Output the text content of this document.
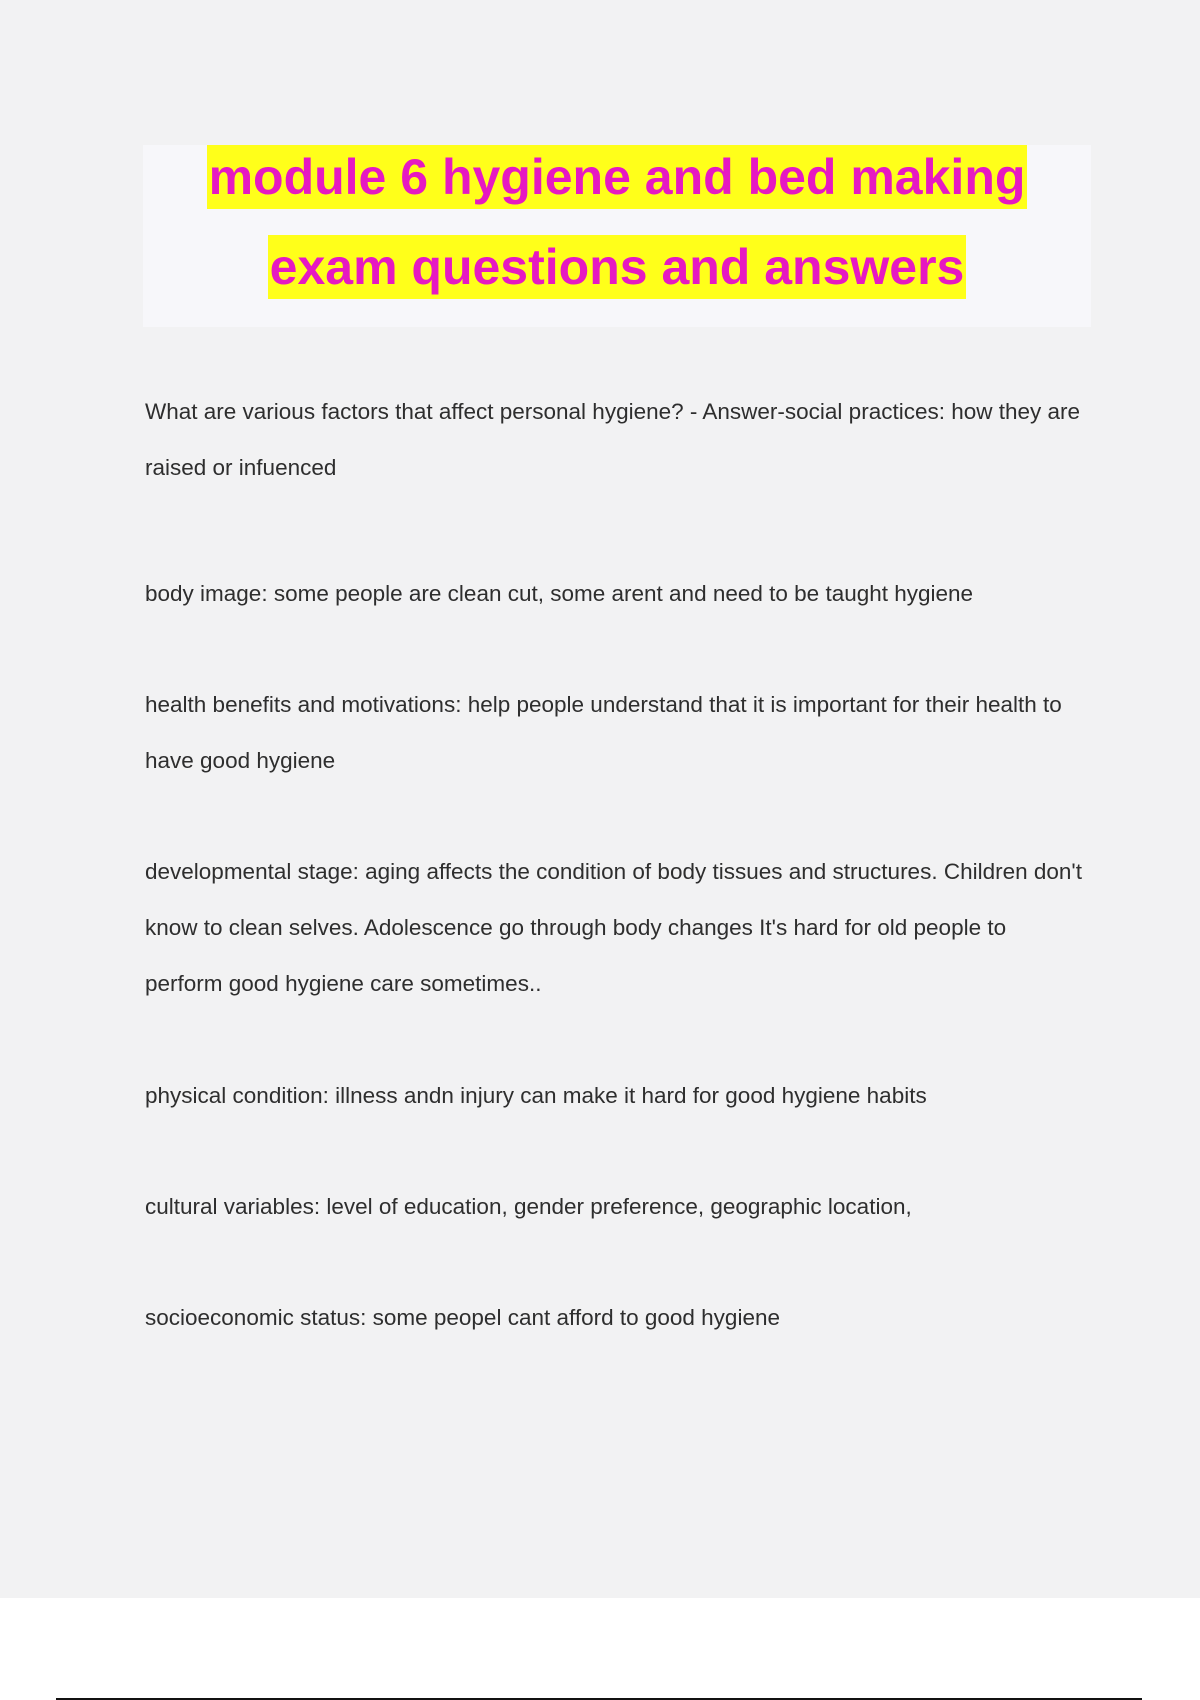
module 6 hygiene and bed making
exam questions and answers

What are various factors that affect personal hygiene? - Answer-social practices: how they are raised or infuenced

body image: some people are clean cut, some arent and need to be taught hygiene

health benefits and motivations: help people understand that it is important for their health to have good hygiene

developmental stage: aging affects the condition of body tissues and structures. Children don't know to clean selves. Adolescence go through body changes It's hard for old people to perform good hygiene care sometimes..

physical condition: illness andn injury can make it hard for good hygiene habits

cultural variables: level of education, gender preference, geographic location,

socioeconomic status: some peopel cant afford to good hygiene
